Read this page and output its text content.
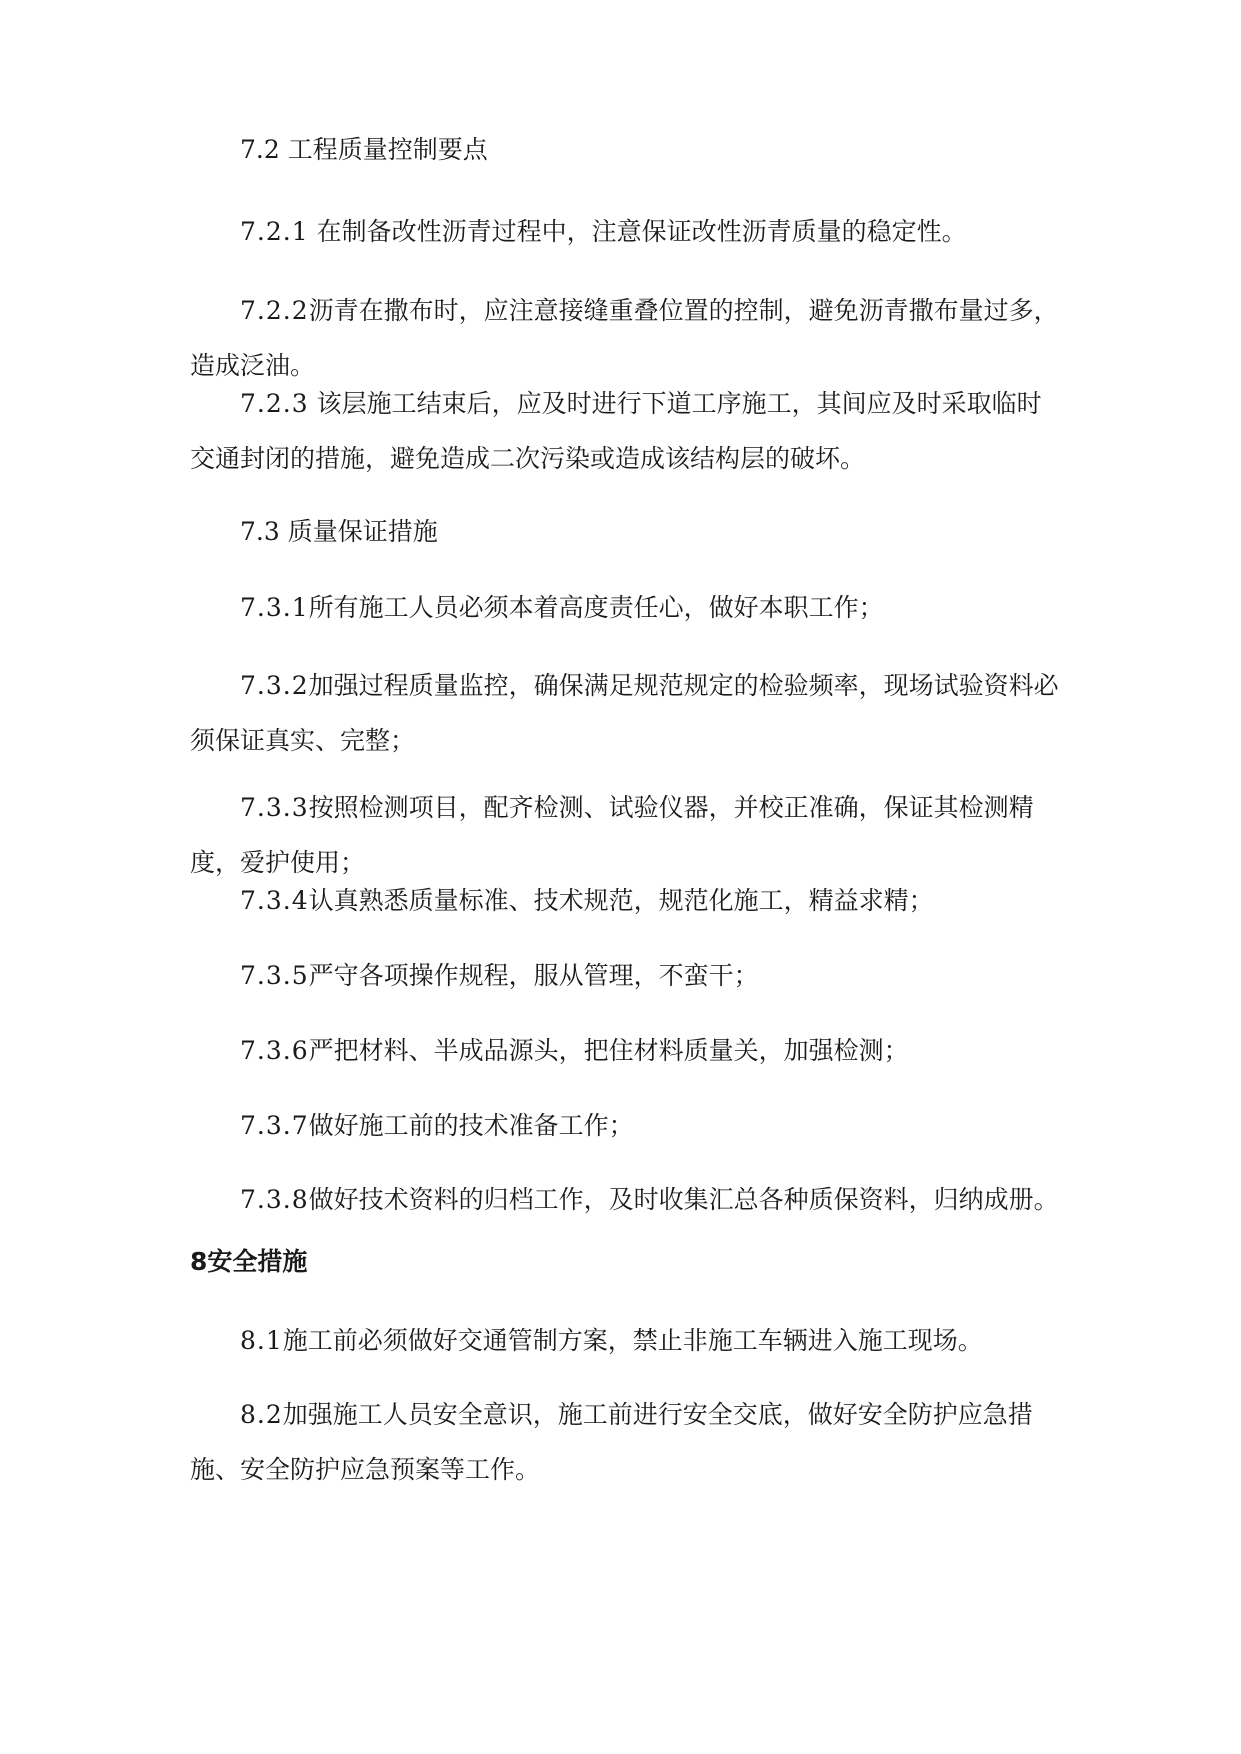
7.2 工程质量控制要点
7.2.1 在制备改性沥青过程中，注意保证改性沥青质量的稳定性。
7.2.2沥青在撒布时，应注意接缝重叠位置的控制，避免沥青撒布量过多，造成泛油。
7.2.3 该层施工结束后，应及时进行下道工序施工，其间应及时采取临时交通封闭的措施，避免造成二次污染或造成该结构层的破坏。
7.3 质量保证措施
7.3.1所有施工人员必须本着高度责任心，做好本职工作；
7.3.2加强过程质量监控，确保满足规范规定的检验频率，现场试验资料必须保证真实、完整；
7.3.3按照检测项目，配齐检测、试验仪器，并校正准确，保证其检测精度，爱护使用；
7.3.4认真熟悉质量标准、技术规范，规范化施工，精益求精；
7.3.5严守各项操作规程，服从管理，不蛮干；
7.3.6严把材料、半成品源头，把住材料质量关，加强检测；
7.3.7做好施工前的技术准备工作；
7.3.8做好技术资料的归档工作，及时收集汇总各种质保资料，归纳成册。
8安全措施
8.1施工前必须做好交通管制方案，禁止非施工车辆进入施工现场。
8.2加强施工人员安全意识，施工前进行安全交底，做好安全防护应急措施、安全防护应急预案等工作。
